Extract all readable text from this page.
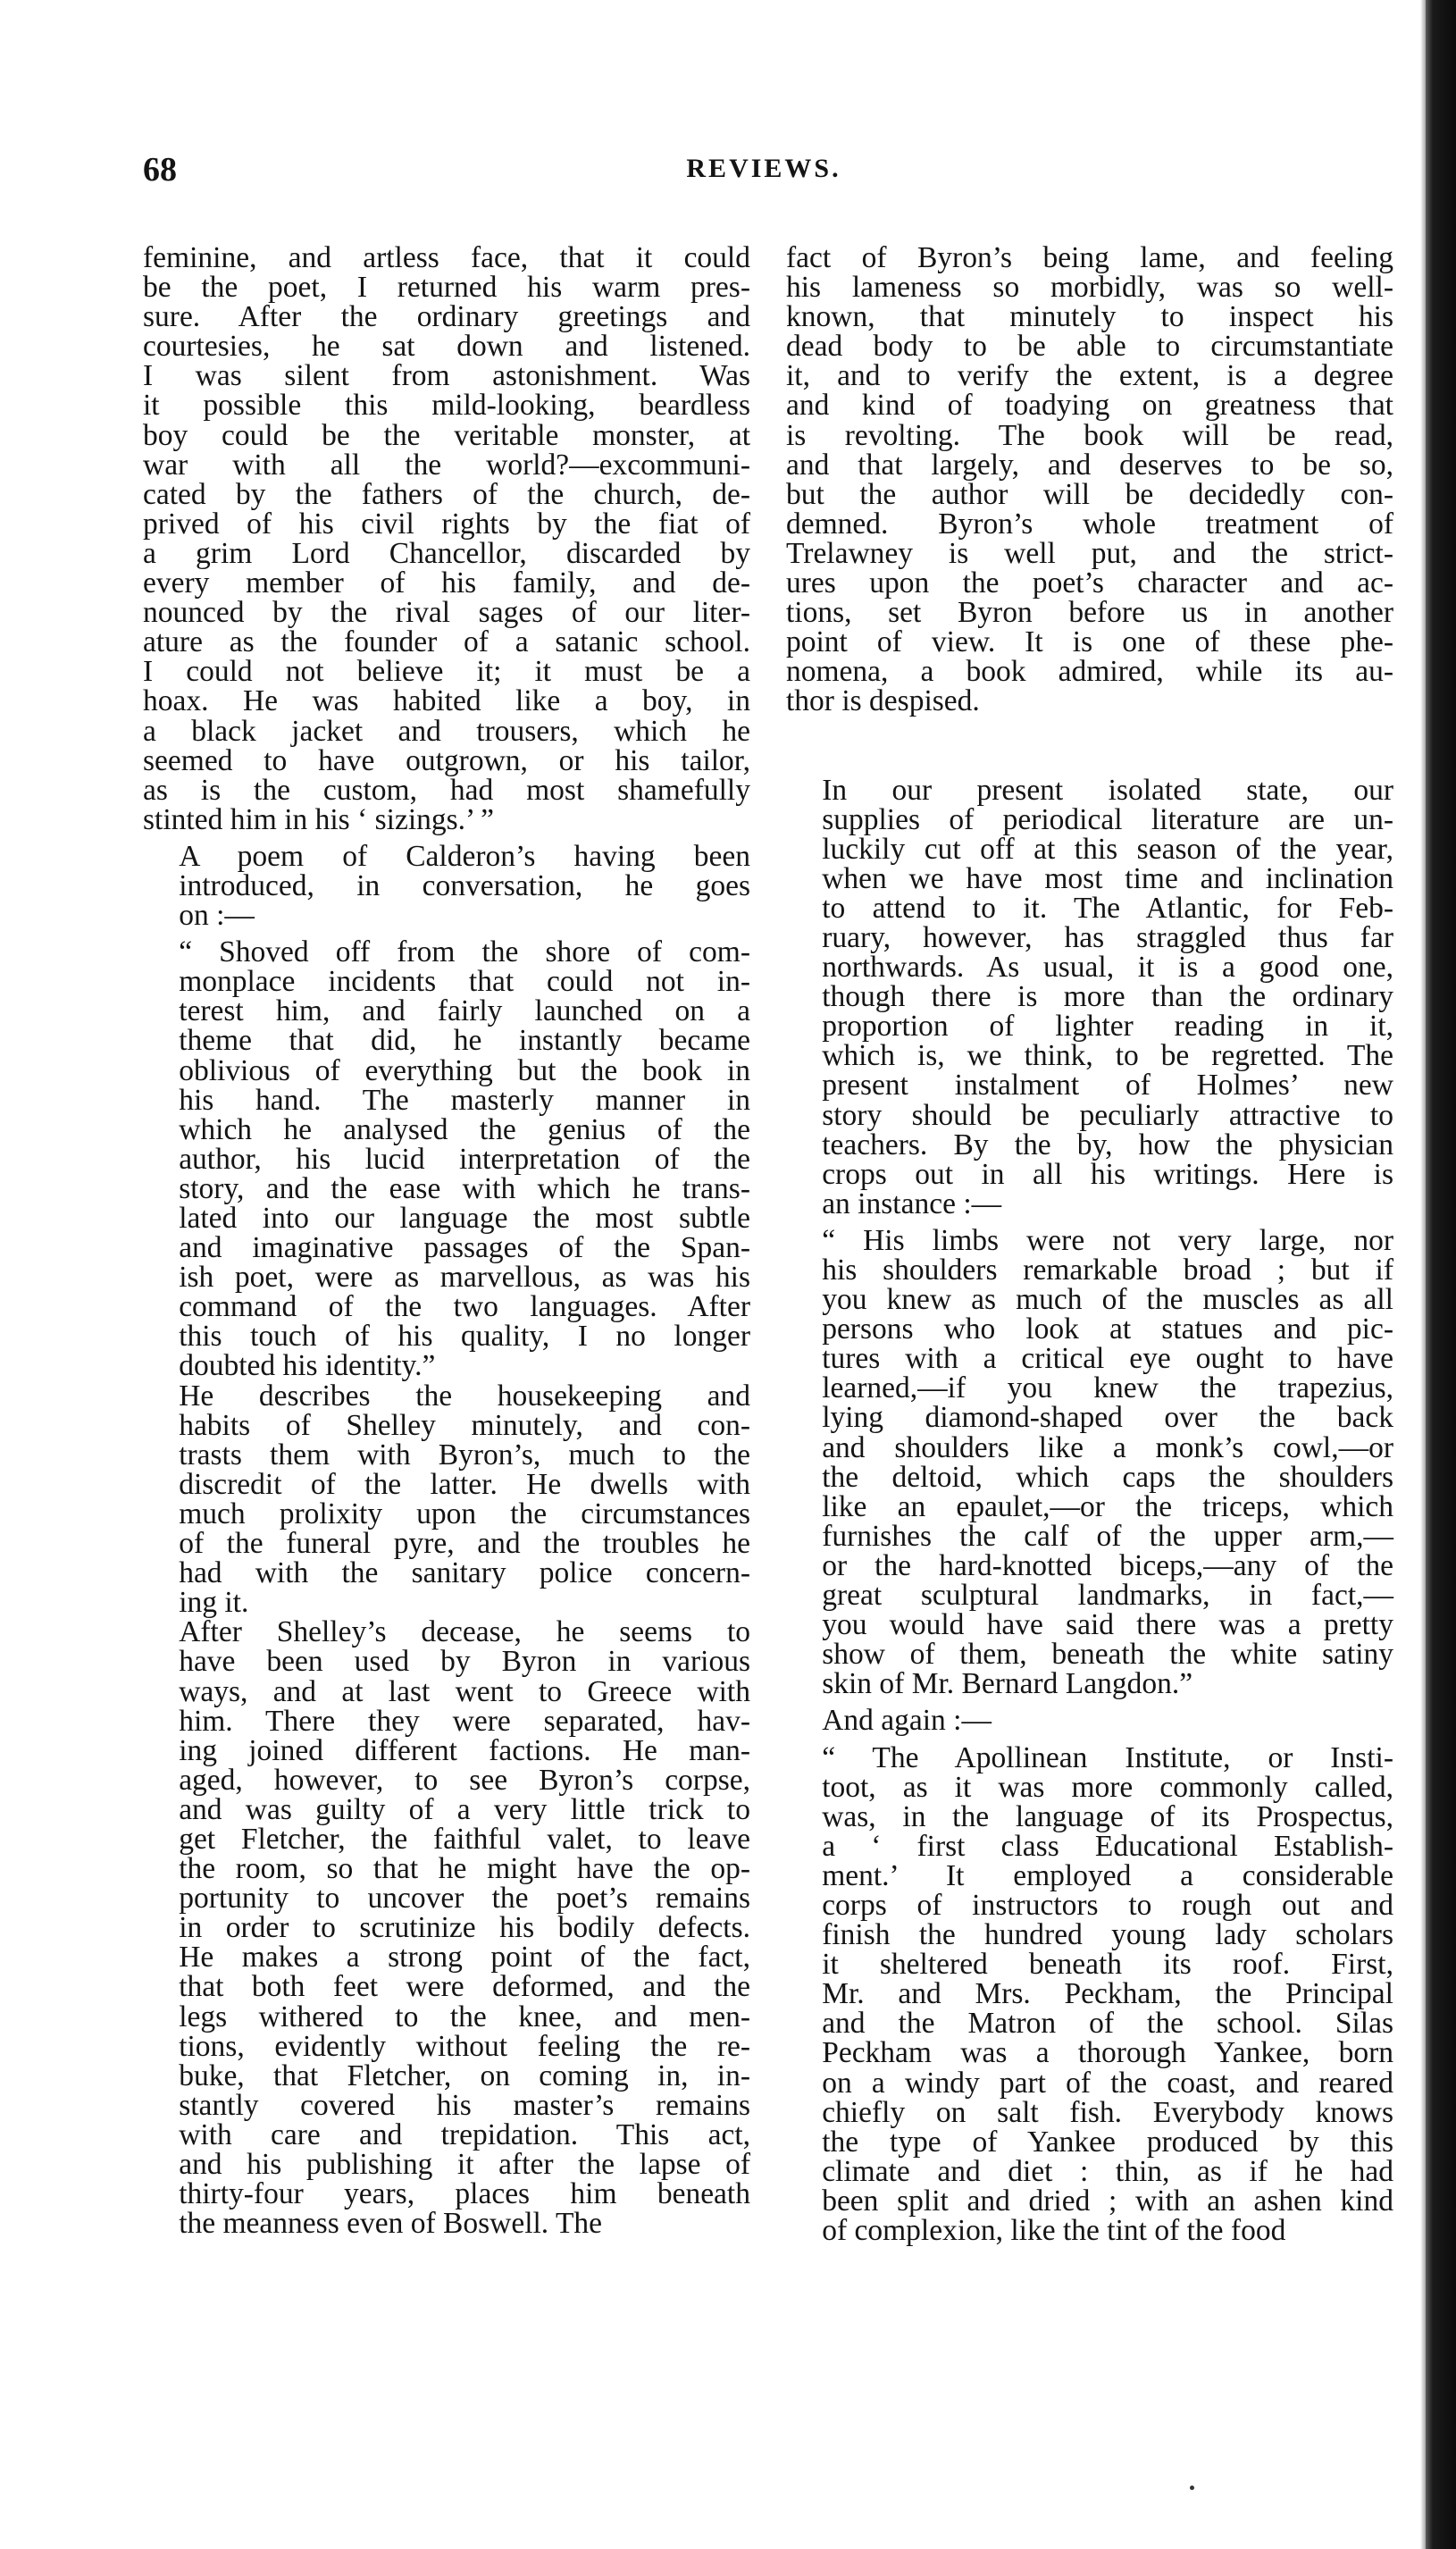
68	REVIEWS.
feminine, and artless face, that it could
be the poet, I returned his warm pres-
sure. After the ordinary greetings and
courtesies, he sat down and listened.
I was silent from astonishment. Was
it possible this mild-looking, beardless
boy could be the veritable monster, at
war with all the world?—excommuni-
cated by the fathers of the church, de-
prived of his civil rights by the fiat of
a grim Lord Chancellor, discarded by
every member of his family, and de-
nounced by the rival sages of our liter-
ature as the founder of a satanic school.
I could not believe it; it must be a
hoax. He was habited like a boy, in
a black jacket and trousers, which he
seemed to have outgrown, or his tailor,
as is the custom, had most shamefully
stinted him in his ‘ sizings.’ ”
A poem of Calderon’s having been
introduced, in conversation, he goes
on :—
“ Shoved off from the shore of com-
monplace incidents that could not in-
terest him, and fairly launched on a
theme that did, he instantly became
oblivious of everything but the book in
his hand. The masterly manner in
which he analysed the genius of the
author, his lucid interpretation of the
story, and the ease with which he trans-
lated into our language the most subtle
and imaginative passages of the Span-
ish poet, were as marvellous, as was his
command of the two languages. After
this touch of his quality, I no longer
doubted his identity.”
He describes the housekeeping and
habits of Shelley minutely, and con-
trasts them with Byron’s, much to the
discredit of the latter. He dwells with
much prolixity upon the circumstances
of the funeral pyre, and the troubles he
had with the sanitary police concern-
ing it.
After Shelley’s decease, he seems to
have been used by Byron in various
ways, and at last went to Greece with
him. There they were separated, hav-
ing joined different factions. He man-
aged, however, to see Byron’s corpse,
and was guilty of a very little trick to
get Fletcher, the faithful valet, to leave
the room, so that he might have the op-
portunity to uncover the poet’s remains
in order to scrutinize his bodily defects.
He makes a strong point of the fact,
that both feet were deformed, and the
legs withered to the knee, and men-
tions, evidently without feeling the re-
buke, that Fletcher, on coming in, in-
stantly covered his master’s remains
with care and trepidation. This act,
and his publishing it after the lapse of
thirty-four years, places him beneath
the meanness even of Boswell. The
fact of Byron’s being lame, and feeling
his lameness so morbidly, was so well-
known, that minutely to inspect his
dead body to be able to circumstantiate
it, and to verify the extent, is a degree
and kind of toadying on greatness that
is revolting. The book will be read,
and that largely, and deserves to be so,
but the author will be decidedly con-
demned. Byron’s whole treatment of
Trelawney is well put, and the strict-
ures upon the poet’s character and ac-
tions, set Byron before us in another
point of view. It is one of these phe-
nomena, a book admired, while its au-
thor is despised.
In our present isolated state, our
supplies of periodical literature are un-
luckily cut off at this season of the year,
when we have most time and inclination
to attend to it. The Atlantic, for Feb-
ruary, however, has straggled thus far
northwards. As usual, it is a good one,
though there is more than the ordinary
proportion of lighter reading in it,
which is, we think, to be regretted. The
present instalment of Holmes’ new
story should be peculiarly attractive to
teachers. By the by, how the physician
crops out in all his writings. Here is
an instance :—
“ His limbs were not very large, nor
his shoulders remarkable broad ; but if
you knew as much of the muscles as all
persons who look at statues and pic-
tures with a critical eye ought to have
learned,—if you knew the trapezius,
lying diamond-shaped over the back
and shoulders like a monk’s cowl,—or
the deltoid, which caps the shoulders
like an epaulet,—or the triceps, which
furnishes the calf of the upper arm,—
or the hard-knotted biceps,—any of the
great sculptural landmarks, in fact,—
you would have said there was a pretty
show of them, beneath the white satiny
skin of Mr. Bernard Langdon.”
And again :—
“ The Apollinean Institute, or Insti-
toot, as it was more commonly called,
was, in the language of its Prospectus,
a ‘ first class Educational Establish-
ment.’ It employed a considerable
corps of instructors to rough out and
finish the hundred young lady scholars
it sheltered beneath its roof. First,
Mr. and Mrs. Peckham, the Principal
and the Matron of the school. Silas
Peckham was a thorough Yankee, born
on a windy part of the coast, and reared
chiefly on salt fish. Everybody knows
the type of Yankee produced by this
climate and diet : thin, as if he had
been split and dried ; with an ashen kind
of complexion, like the tint of the food
